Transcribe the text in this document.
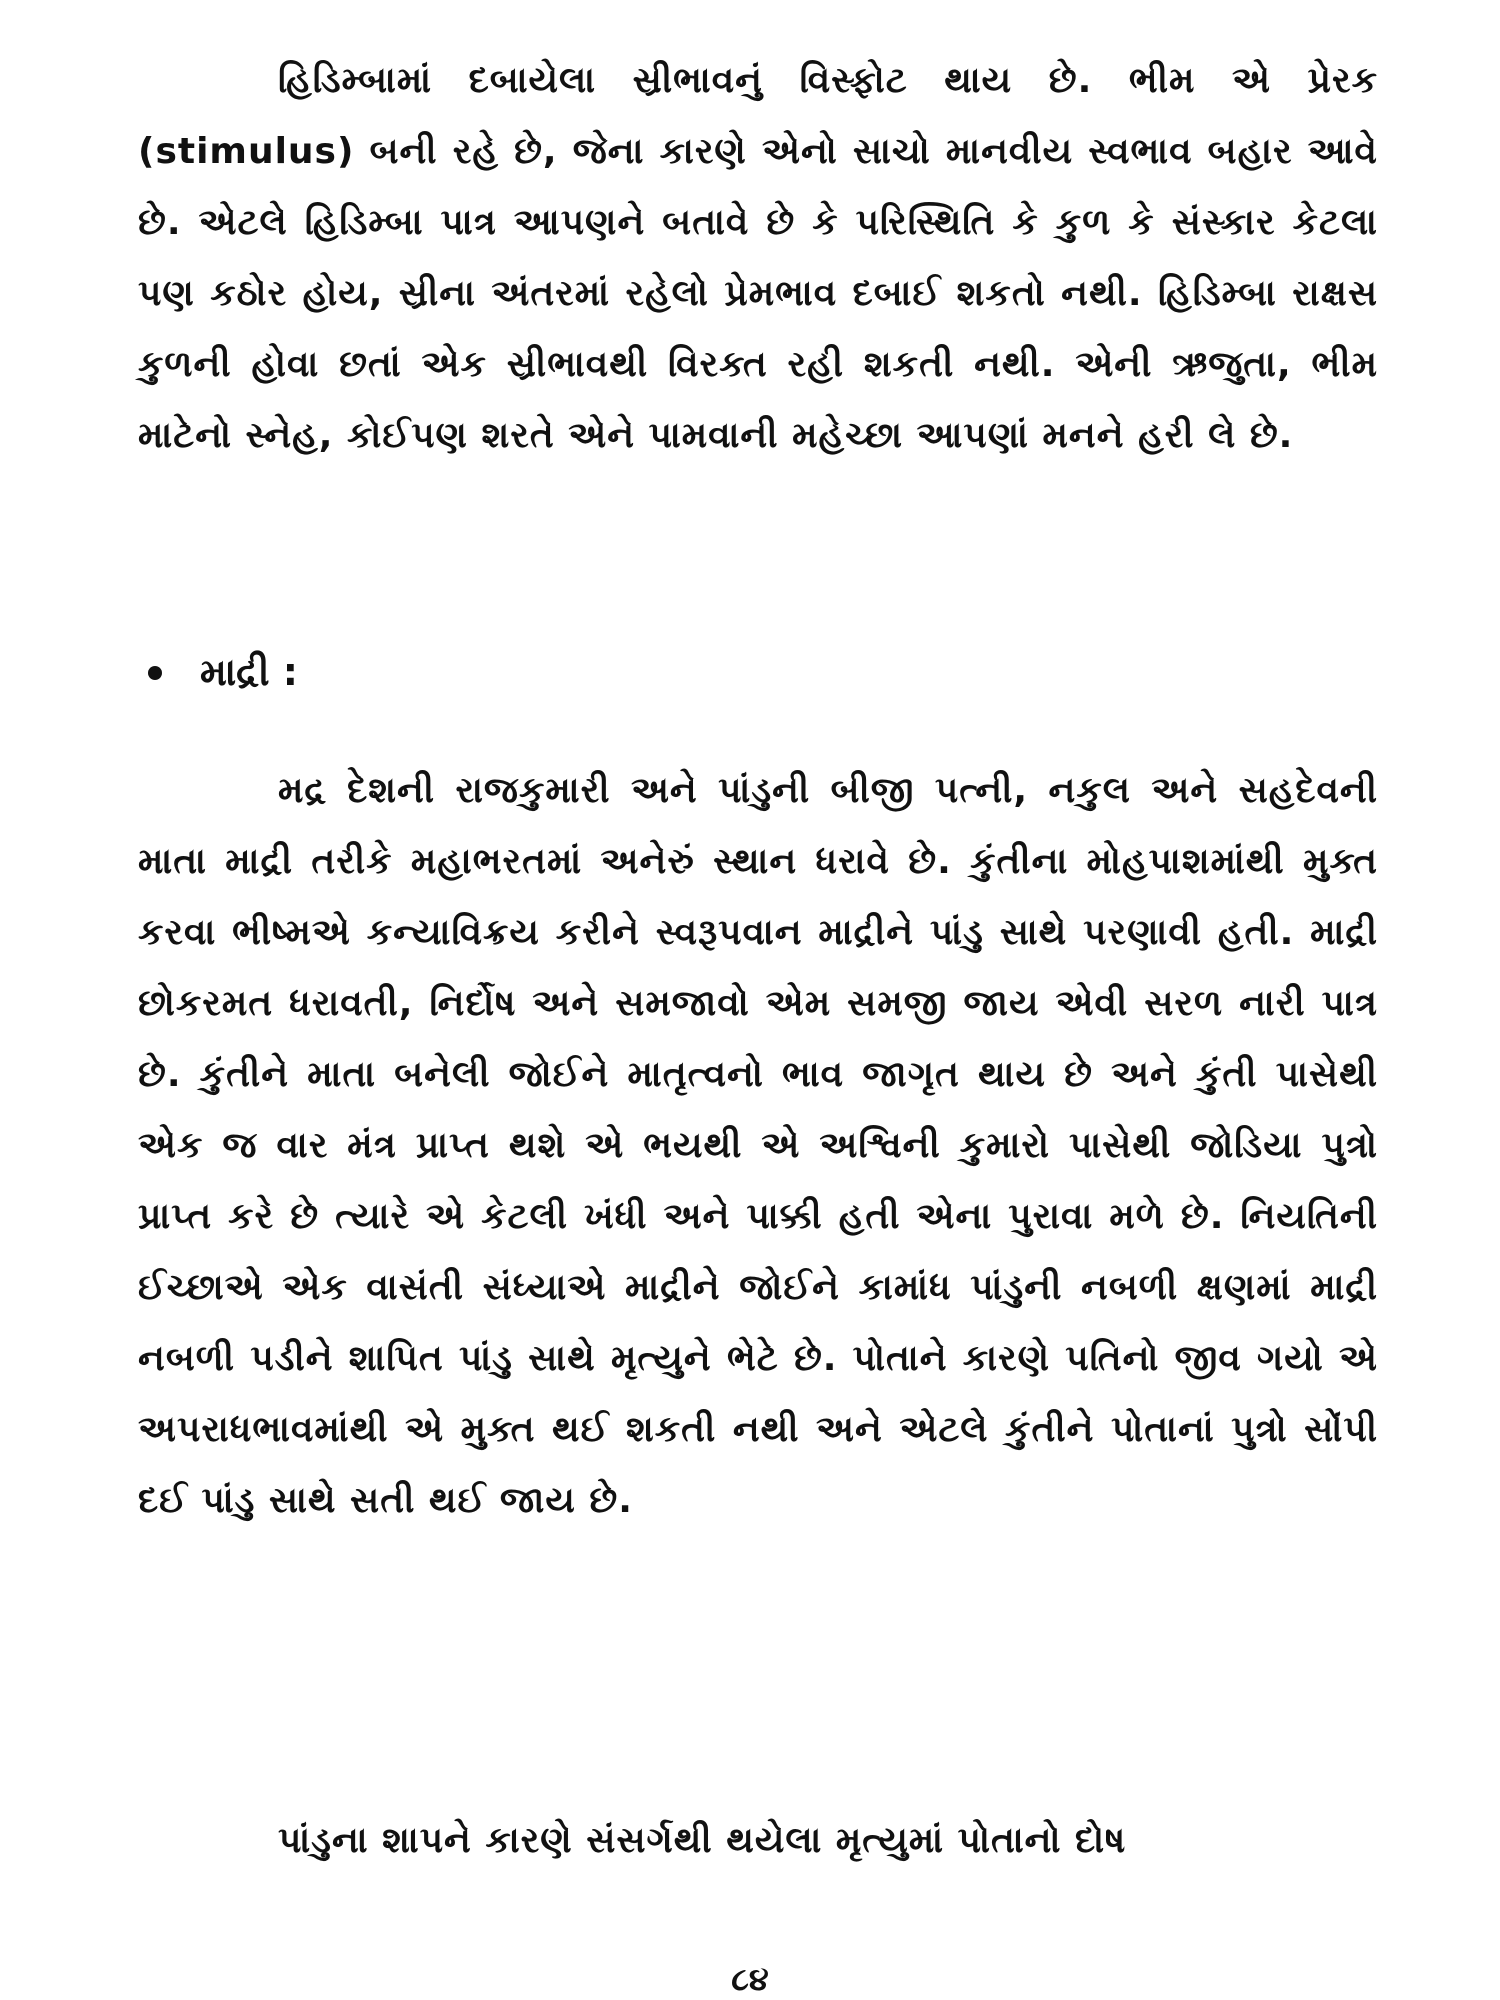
હિડિમ્બામાં દબાયેલા સ્રીભાવનું વિસ્ફોટ થાય છે. ભીમ એ પ્રેરક (stimulus) બની રહે છે, જેના કારણે એનો સાચો માનવીય સ્વભાવ બહાર આવે છે. એટલે હિડિમ્બા પાત્ર આપણને બતાવે છે કે પરિસ્થિતિ કે કુળ કે સંસ્કાર કેટલા પણ કઠોર હોય, સ્રીના અંતરમાં રહેલો પ્રેમભાવ દબાઈ શકતો નથી. હિડિમ્બા રાક્ષસ કુળની હોવા છતાં એક સ્રીભાવથી વિરક્ત રહી શકતી નથી. એની ઋજુતા, ભીમ માટેનો સ્નેહ, કોઈપણ શરતે એને પામવાની મહેચ્છા આપણાં મનને હરી લે છે.

માદ્રી :

મદ્ર દેશની રાજકુમારી અને પાંડુની બીજી પત્ની, નકુલ અને સહદેવની માતા માદ્રી તરીકે મહાભરતમાં અનેરું સ્થાન ધરાવે છે. કુંતીના મોહપાશમાંથી મુક્ત કરવા ભીષ્મએ કન્યાવિક્રય કરીને સ્વરૂપવાન માદ્રીને પાંડુ સાથે પરણાવી હતી. માદ્રી છોકરમત ધરાવતી, નિર્દોષ અને સમજાવો એમ સમજી જાય એવી સરળ નારી પાત્ર છે. કુંતીને માતા બનેલી જોઈને માતૃત્વનો ભાવ જાગૃત થાય છે અને કુંતી પાસેથી એક જ વાર મંત્ર પ્રાપ્ત થશે એ ભયથી એ અશ્વિની કુમારો પાસેથી જોડિયા પુત્રો પ્રાપ્ત કરે છે ત્યારે એ કેટલી ખંધી અને પાક્કી હતી એના પુરાવા મળે છે. નિયતિની ઈચ્છાએ એક વાસંતી સંધ્યાએ માદ્રીને જોઈને કામાંધ પાંડુની નબળી ક્ષણમાં માદ્રી નબળી પડીને શાપિત પાંડુ સાથે મૃત્યુને ભેટે છે. પોતાને કારણે પતિનો જીવ ગયો એ અપરાધભાવમાંથી એ મુક્ત થઈ શકતી નથી અને એટલે કુંતીને પોતાનાં પુત્રો સોંપી દઈ પાંડુ સાથે સતી થઈ જાય છે.

પાંડુના શાપને કારણે સંસર્ગથી થયેલા મૃત્યુમાં પોતાનો દોષ

૮૪
